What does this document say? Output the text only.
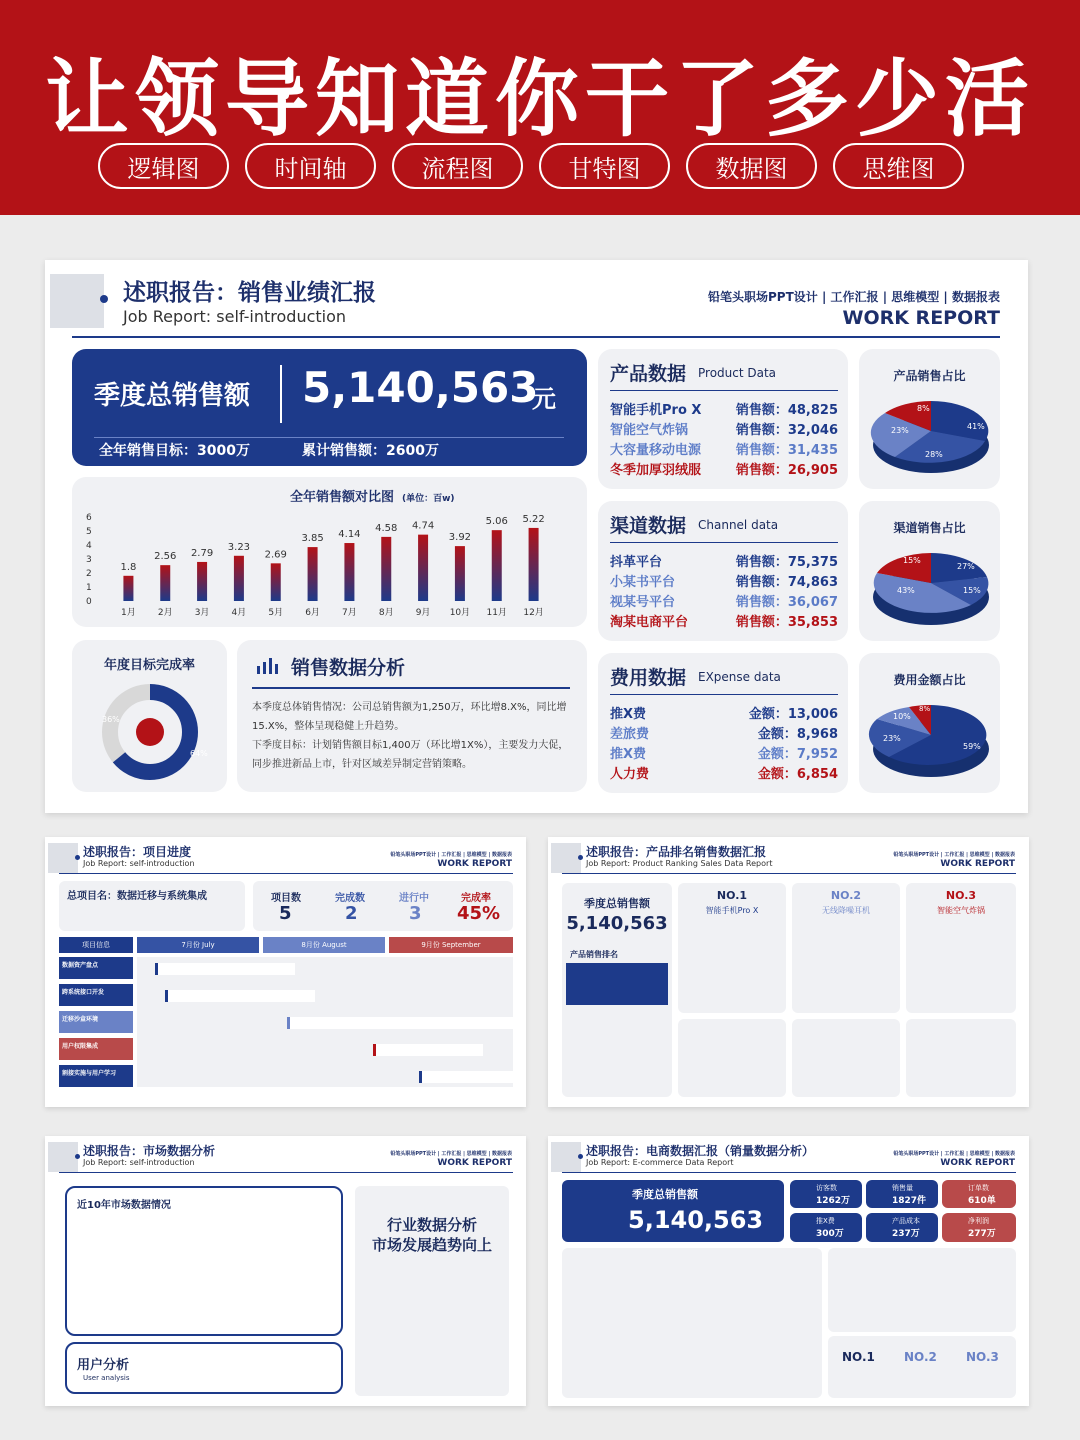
让领导知道你干了多少活
逻辑图	时间轴	流程图	甘特图	数据图	思维图
述职报告：销售业绩汇报
Job Report: self-introduction
铅笔头职场PPT设计 | 工作汇报 | 思维模型 | 数据报表
WORK REPORT
季度总销售额 5,140,563
元
全年销售目标：3000万	累计销售额：2600万
全年销售额对比图 (单位：百w)
0
1
2
3
4
5
6
1.8
1月
2.56
2月
2.79
3月
3.23
4月
2.69
5月
3.85
6月
4.14
7月
4.58
8月
4.74
9月
3.92
10月
5.06
11月
5.22
12月
年度目标完成率
64%
36%
销售数据分析
本季度总体销售情况：公司总销售额为1,250万，环比增8.X%，同比增15.X%，整体呈现稳健上升趋势。
下季度目标：计划销售额目标1,400万（环比增1X%），主要发力大促，同步推进新品上市，针对区域差异制定营销策略。
产品数据 Product Data
智能手机Pro X	销售额：48,825
智能空气炸锅	销售额：32,046
大容量移动电源	销售额：31,435
冬季加厚羽绒服	销售额：26,905
渠道数据 Channel data
抖革平台	销售额：75,375
小某书平台	销售额：74,863
视某号平台	销售额：36,067
淘某电商平台	销售额：35,853
费用数据 EXpense data
推X费	金额：13,006
差旅费	金额：8,968
推X费	金额：7,952
人力费	金额：6,854
产品销售占比
41%
28%
23%
8%
渠道销售占比
27%
15%
43%
15%
费用金额占比
59%
23%
10%
8%
述职报告：项目进度
Job Report: self-introduction
铅笔头职场PPT设计 | 工作汇报 | 思维模型 | 数据报表
WORK REPORT
总项目名：数据迁移与系统集成	项目数
5
完成数
2
进行中
3
完成率
45%
项目信息	7月份 July	8月份 August	9月份 September
数据资产盘点
跨系统接口开发
迁移沙盒环境
用户权限集成
割接实施与用户学习
述职报告：产品排名销售数据汇报
Job Report: Product Ranking Sales Data Report
铅笔头职场PPT设计 | 工作汇报 | 思维模型 | 数据报表
WORK REPORT
季度总销售额
5,140,563
产品销售排名
NO.1
智能手机Pro X
NO.2
无线降噪耳机
NO.3
智能空气炸锅
述职报告：市场数据分析
Job Report: self-introduction
铅笔头职场PPT设计 | 工作汇报 | 思维模型 | 数据报表
WORK REPORT
近10年市场数据情况
用户分析
User analysis
行业数据分析
市场发展趋势向上
述职报告：电商数据汇报（销量数据分析）
Job Report: E-commerce Data Report
铅笔头职场PPT设计 | 工作汇报 | 思维模型 | 数据报表
WORK REPORT
季度总销售额
5,140,563
访客数
1262万
销售量
1827件
订单数
610单
推X费
300万
产品成本
237万
净利润
277万
NO.1 NO.2 NO.3
